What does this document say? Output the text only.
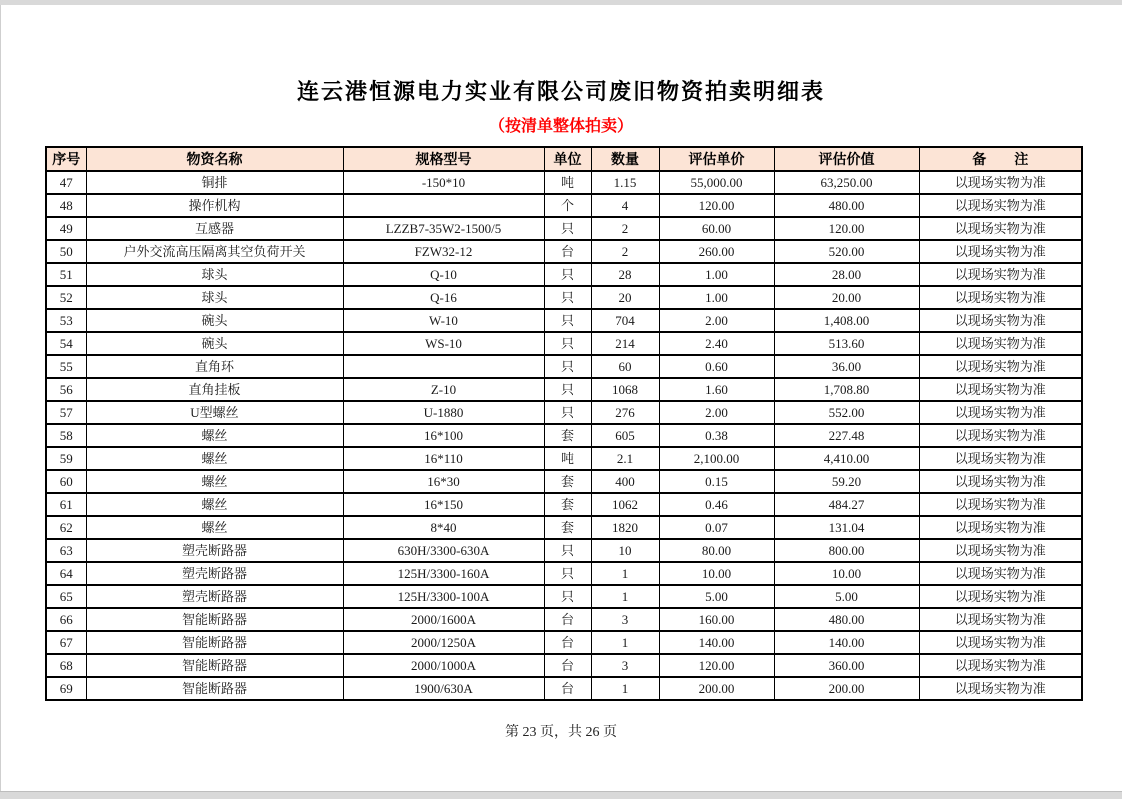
连云港恒源电力实业有限公司废旧物资拍卖明细表
（按清单整体拍卖）
序号	物资名称	规格型号	单位	数量	评估单价	评估价值	备　　注
47	铜排	-150*10	吨	1.15	55,000.00	63,250.00	以现场实物为准
48	操作机构		个	4	120.00	480.00	以现场实物为准
49	互感器	LZZB7-35W2-1500/5	只	2	60.00	120.00	以现场实物为准
50	户外交流高压隔离其空负荷开关	FZW32-12	台	2	260.00	520.00	以现场实物为准
51	球头	Q-10	只	28	1.00	28.00	以现场实物为准
52	球头	Q-16	只	20	1.00	20.00	以现场实物为准
53	碗头	W-10	只	704	2.00	1,408.00	以现场实物为准
54	碗头	WS-10	只	214	2.40	513.60	以现场实物为准
55	直角环		只	60	0.60	36.00	以现场实物为准
56	直角挂板	Z-10	只	1068	1.60	1,708.80	以现场实物为准
57	U型螺丝	U-1880	只	276	2.00	552.00	以现场实物为准
58	螺丝	16*100	套	605	0.38	227.48	以现场实物为准
59	螺丝	16*110	吨	2.1	2,100.00	4,410.00	以现场实物为准
60	螺丝	16*30	套	400	0.15	59.20	以现场实物为准
61	螺丝	16*150	套	1062	0.46	484.27	以现场实物为准
62	螺丝	8*40	套	1820	0.07	131.04	以现场实物为准
63	塑壳断路器	630H/3300-630A	只	10	80.00	800.00	以现场实物为准
64	塑壳断路器	125H/3300-160A	只	1	10.00	10.00	以现场实物为准
65	塑壳断路器	125H/3300-100A	只	1	5.00	5.00	以现场实物为准
66	智能断路器	2000/1600A	台	3	160.00	480.00	以现场实物为准
67	智能断路器	2000/1250A	台	1	140.00	140.00	以现场实物为准
68	智能断路器	2000/1000A	台	3	120.00	360.00	以现场实物为准
69	智能断路器	1900/630A	台	1	200.00	200.00	以现场实物为准
第 23 页，共 26 页
